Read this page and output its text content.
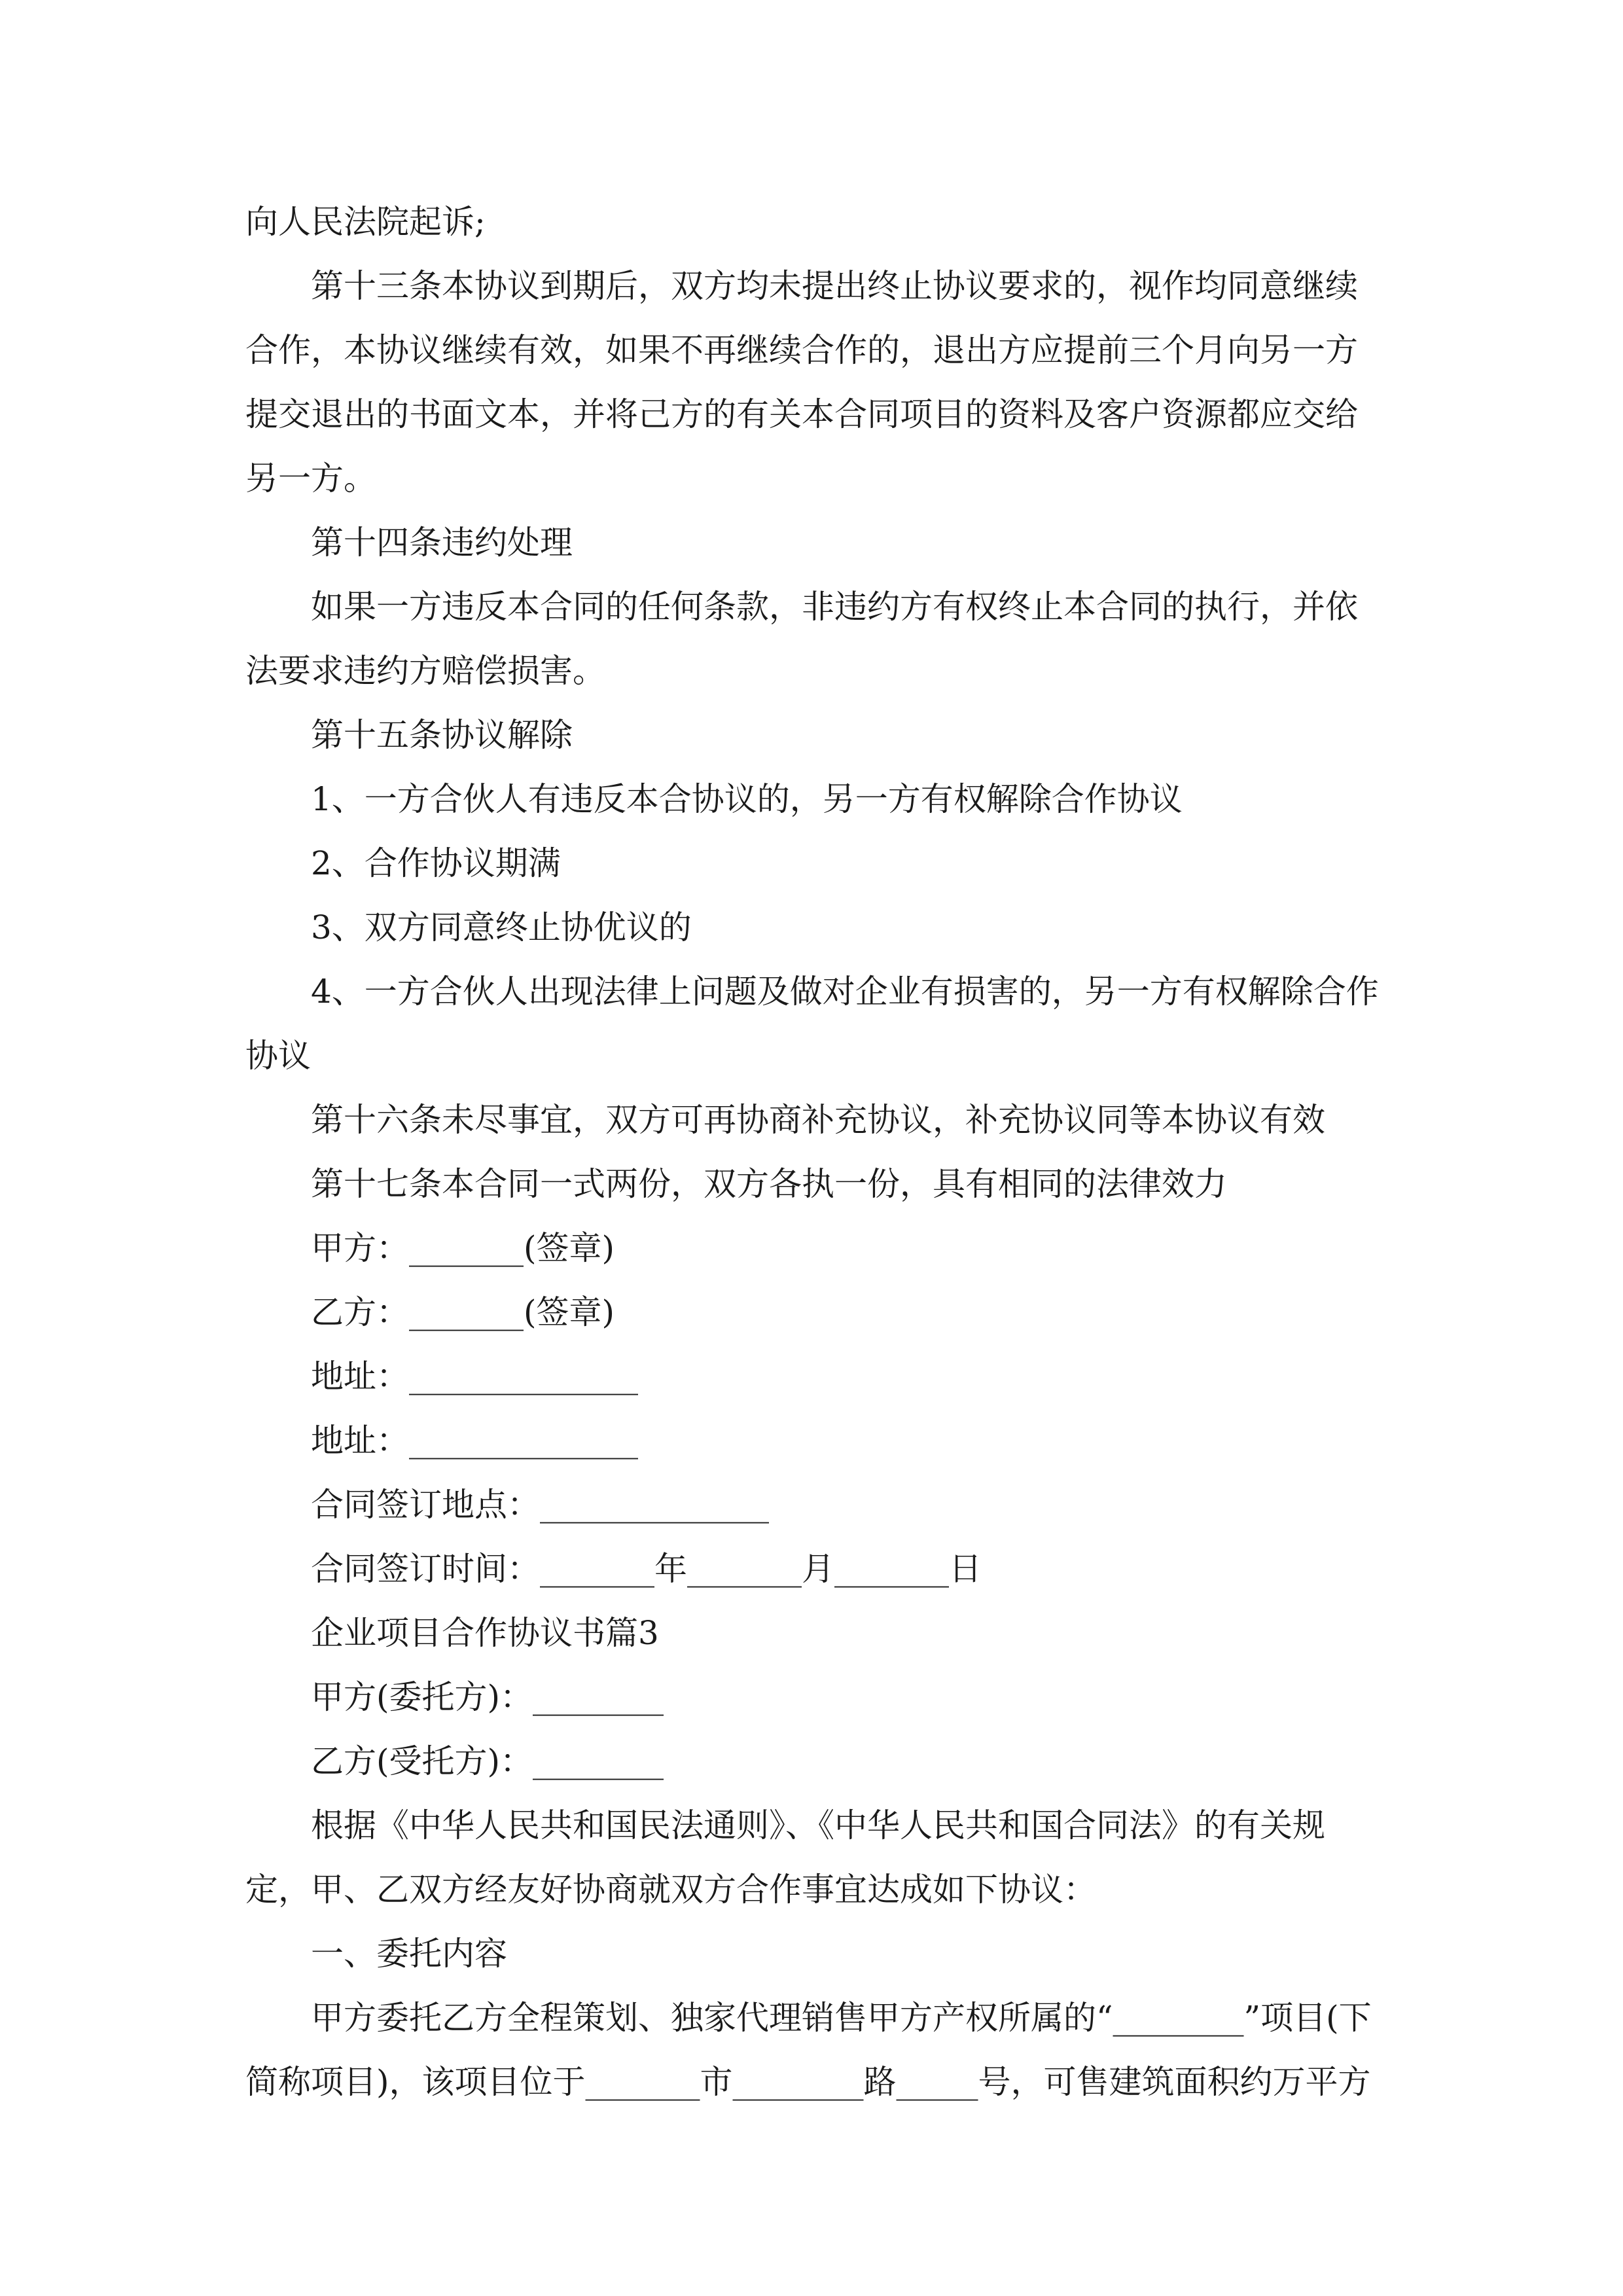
向人民法院起诉;

第十三条本协议到期后，双方均未提出终止协议要求的，视作均同意继续合作，本协议继续有效，如果不再继续合作的，退出方应提前三个月向另一方提交退出的书面文本，并将己方的有关本合同项目的资料及客户资源都应交给另一方。

第十四条违约处理

如果一方违反本合同的任何条款，非违约方有权终止本合同的执行，并依法要求违约方赔偿损害。

第十五条协议解除

1、一方合伙人有违反本合协议的，另一方有权解除合作协议

2、合作协议期满

3、双方同意终止协优议的

4、一方合伙人出现法律上问题及做对企业有损害的，另一方有权解除合作协议

第十六条未尽事宜，双方可再协商补充协议，补充协议同等本协议有效

第十七条本合同一式两份，双方各执一份，具有相同的法律效力

甲方：_______(签章)

乙方：_______(签章)

地址：______________

地址：______________

合同签订地点：______________

合同签订时间：_______年_______月_______日

企业项目合作协议书篇3

甲方(委托方)：________

乙方(受托方)：________

根据《中华人民共和国民法通则》、《中华人民共和国合同法》的有关规定，甲、乙双方经友好协商就双方合作事宜达成如下协议：

一、委托内容

甲方委托乙方全程策划、独家代理销售甲方产权所属的“________”项目(下简称项目)，该项目位于_______市________路_____号，可售建筑面积约万平方
